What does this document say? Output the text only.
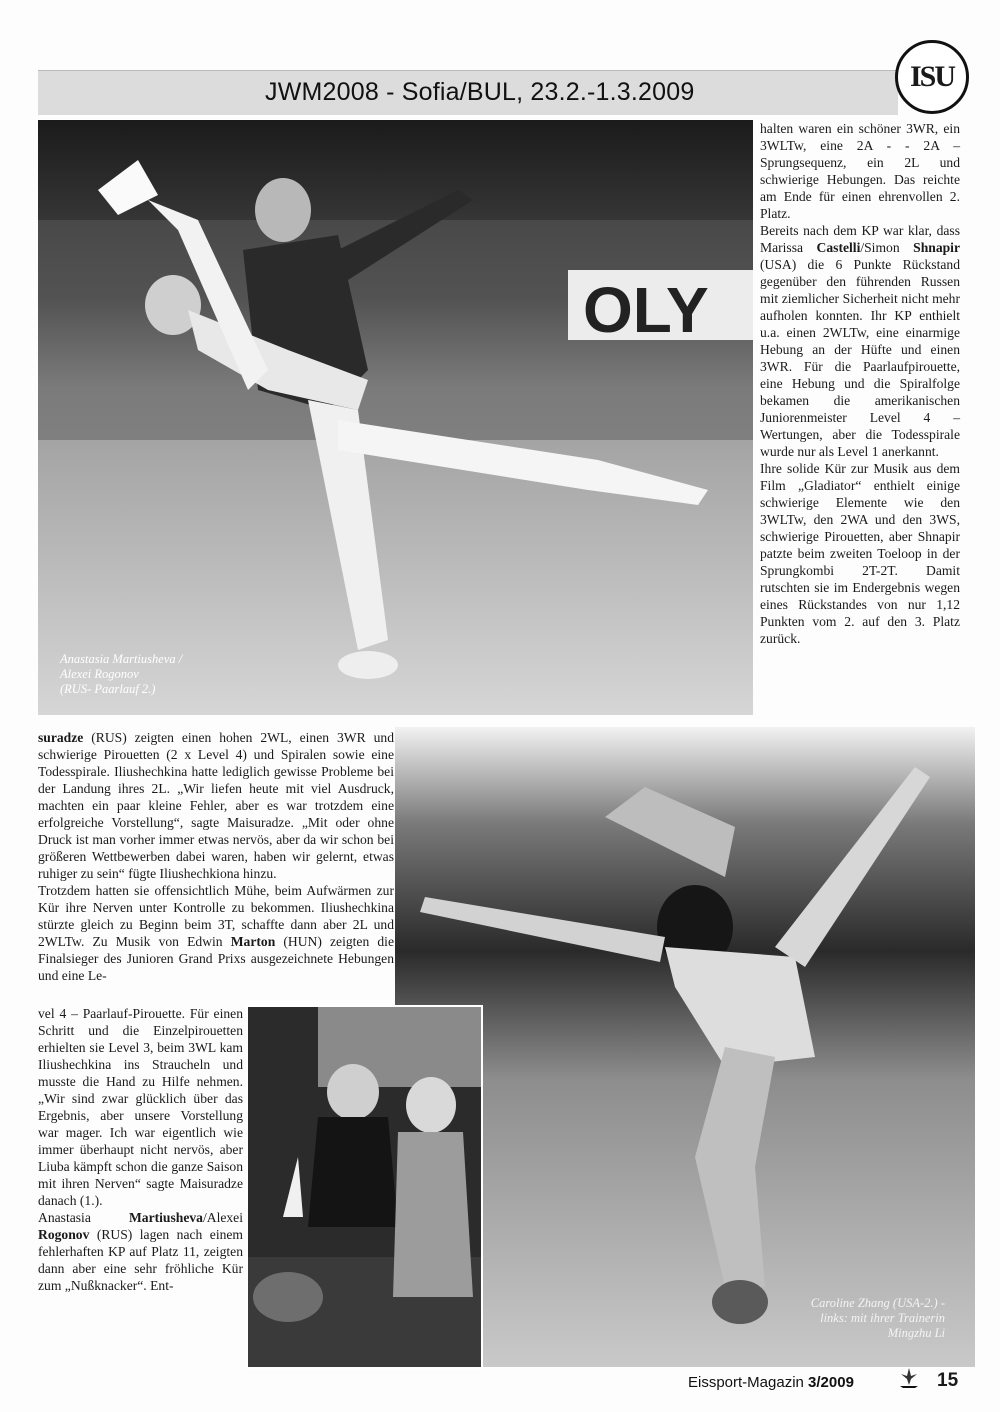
JWM2008 - Sofia/BUL, 23.2.-1.3.2009	ISU
OLY
Anastasia Martiusheva /
Alexei Rogonov
(RUS- Paarlauf 2.)

halten waren ein schöner 3WR, ein 3WLTw, eine 2A - - 2A – Sprungsequenz, ein 2L und schwierige Hebungen. Das reichte am Ende für einen ehrenvollen 2. Platz.

Bereits nach dem KP war klar, dass Marissa Castelli/Simon Shnapir (USA) die 6 Punkte Rückstand gegenüber den führenden Russen mit ziemlicher Sicherheit nicht mehr aufholen konnten. Ihr KP enthielt u.a. einen 2WLTw, eine einarmige Hebung an der Hüfte und einen 3WR. Für die Paarlaufpirouette, eine Hebung und die Spiralfolge bekamen die amerikanischen Juniorenmeister Level 4 – Wertungen, aber die Todesspirale wurde nur als Level 1 anerkannt.

Ihre solide Kür zur Musik aus dem Film „Gladiator“ enthielt einige schwierige Elemente wie den 3WLTw, den 2WA und den 3WS, schwierige Pirouetten, aber Shnapir patzte beim zweiten Toeloop in der Sprungkombi 2T-2T. Damit rutschten sie im Endergebnis wegen eines Rückstandes von nur 1,12 Punkten vom 2. auf den 3. Platz zurück.

suradze (RUS) zeigten einen hohen 2WL, einen 3WR und schwierige Pirouetten (2 x Level 4) und Spiralen sowie eine Todesspirale. Iliushechkina hatte lediglich gewisse Probleme bei der Landung ihres 2L. „Wir liefen heute mit viel Ausdruck, machten ein paar kleine Fehler, aber es war trotzdem eine erfolgreiche Vorstellung“, sagte Maisuradze. „Mit oder ohne Druck ist man vorher immer etwas nervös, aber da wir schon bei größeren Wettbewerben dabei waren, haben wir gelernt, etwas ruhiger zu sein“ fügte Iliushechkiona hinzu.

Trotzdem hatten sie offensichtlich Mühe, beim Aufwärmen zur Kür ihre Nerven unter Kontrolle zu bekommen. Iliushechkina stürzte gleich zu Beginn beim 3T, schaffte dann aber 2L und 2WLTw. Zu Musik von Edwin Marton (HUN) zeigten die Finalsieger des Junioren Grand Prixs ausgezeichnete Hebungen und eine Le-

vel 4 – Paarlauf-Pirouette. Für einen Schritt und die Einzelpirouetten erhielten sie Level 3, beim 3WL kam Iliushechkina ins Straucheln und musste die Hand zu Hilfe nehmen. „Wir sind zwar glücklich über das Ergebnis, aber unsere Vorstellung war mager. Ich war eigentlich wie immer überhaupt nicht nervös, aber Liuba kämpft schon die ganze Saison mit ihren Nerven“ sagte Maisuradze danach (1.).

Anastasia Martiusheva/Alexei Rogonov (RUS) lagen nach einem fehlerhaften KP auf Platz 11, zeigten dann aber eine sehr fröhliche Kür zum „Nußknacker“. Ent-

Caroline Zhang (USA-2.) -
links: mit ihrer Trainerin
Mingzhu Li
Eissport-Magazin 3/2009	15
